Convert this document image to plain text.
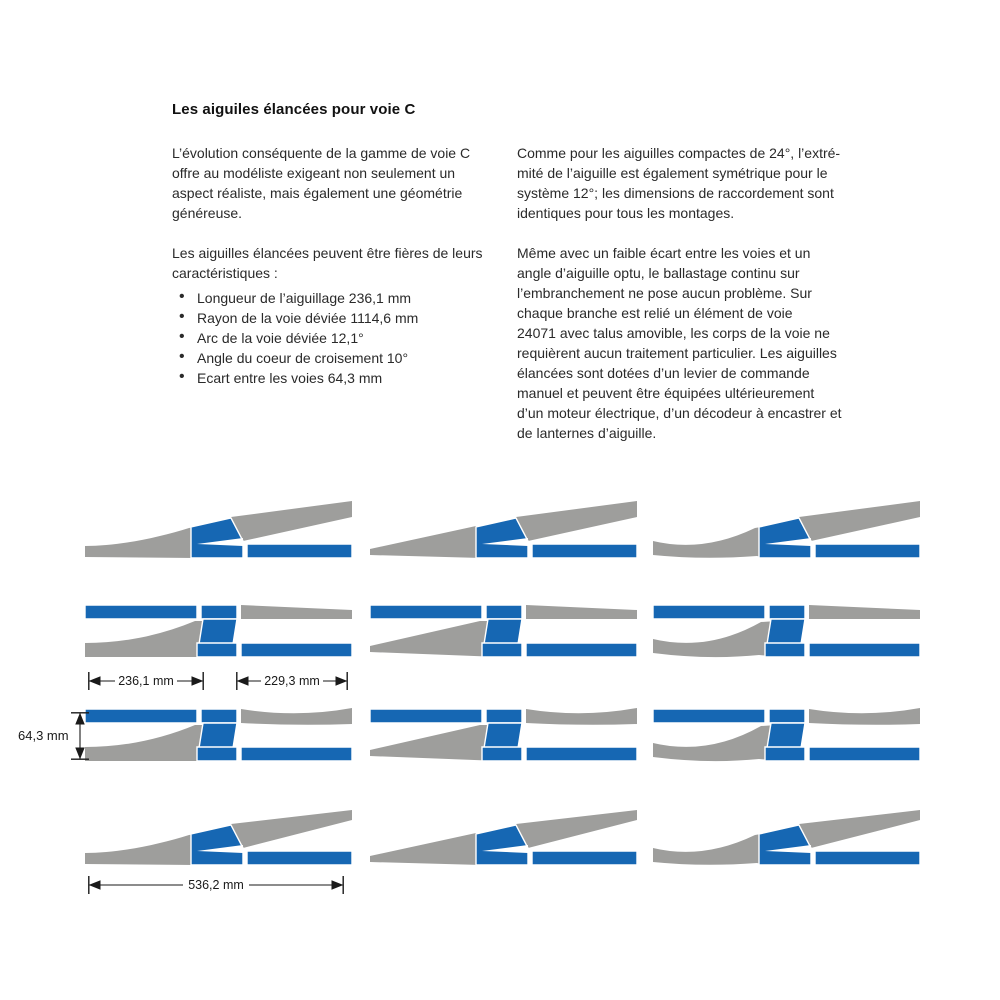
Les aiguiles élancées pour voie C
L’évolution conséquente de la gamme de voie C
offre au modéliste exigeant non seulement un
aspect réaliste, mais également une géométrie
généreuse.
Les aiguilles élancées peuvent être fières de leurs
caractéristiques :
• Longueur de l’aiguillage 236,1 mm
• Rayon de la voie déviée 1114,6 mm
• Arc de la voie déviée 12,1°
• Angle du coeur de croisement 10°
• Ecart entre les voies 64,3 mm
Comme pour les aiguilles compactes de 24°, l’extré-
mité de l’aiguille est également symétrique pour le
système 12°; les dimensions de raccordement sont
identiques pour tous les montages.
Même avec un faible écart entre les voies et un
angle d’aiguille optu, le ballastage continu sur
l’embranchement ne pose aucun problème. Sur
chaque branche est relié un élément de voie
24071 avec talus amovible, les corps de la voie ne
requièrent aucun traitement particulier. Les aiguilles
élancées sont dotées d’un levier de commande
manuel et peuvent être équipées ultérieurement
d’un moteur électrique, d’un décodeur à encastrer et
de lanternes d’aiguille.
236,1 mm	229,3 mm
64,3 mm
536,2 mm
